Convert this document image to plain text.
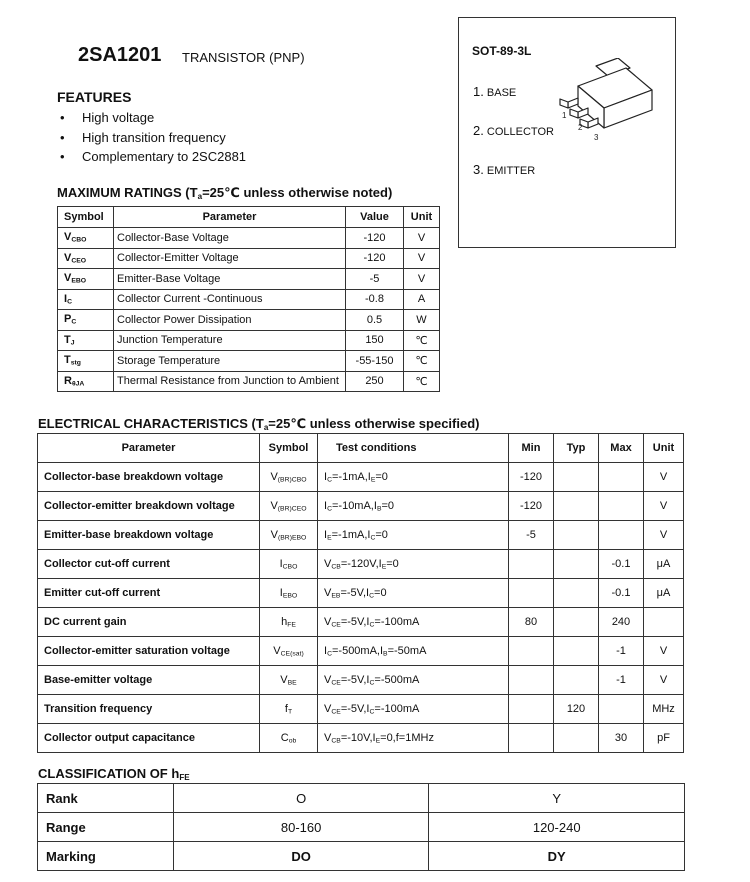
2SA1201 TRANSISTOR (PNP)
FEATURES
• High voltage
• High transition frequency
• Complementary to 2SC2881
SOT-89-3L
1. BASE
2. COLLECTOR
3. EMITTER
1
2
3
MAXIMUM RATINGS ($T_a=25℃$ unless otherwise noted)
Symbol	Parameter	Value	Unit
$V_{CBO}$	Collector-Base Voltage	-120	V
$V_{CEO}$	Collector-Emitter Voltage	-120	V
$V_{EBO}$	Emitter-Base Voltage	-5	V
$I_C$	Collector Current -Continuous	-0.8	A
$P_C$	Collector Power Dissipation	0.5	W
$T_J$	Junction Temperature	150	℃
$T_{stg}$	Storage Temperature	-55-150	℃
$R_{\theta JA}$	Thermal Resistance from Junction to Ambient	250	℃
ELECTRICAL CHARACTERISTICS ($T_a=25℃$ unless otherwise specified)
Parameter	Symbol	Test conditions	Min	Typ	Max	Unit
Collector-base breakdown voltage	$V_{(BR)CBO}$	$I_C=-1mA,I_E=0$	-120			V
Collector-emitter breakdown voltage	$V_{(BR)CEO}$	$I_C=-10mA,I_B=0$	-120			V
Emitter-base breakdown voltage	$V_{(BR)EBO}$	$I_E=-1mA,I_C=0$	-5			V
Collector cut-off current	$I_{CBO}$	$V_{CB}=-120V,I_E=0$			-0.1	μA
Emitter cut-off current	$I_{EBO}$	$V_{EB}=-5V,I_C=0$			-0.1	μA
DC current gain	$h_{FE}$	$V_{CE}=-5V,I_C=-100mA$	80		240	
Collector-emitter saturation voltage	$V_{CE(sat)}$	$I_C=-500mA,I_B=-50mA$			-1	V
Base-emitter voltage	$V_{BE}$	$V_{CE}=-5V,I_C=-500mA$			-1	V
Transition frequency	$f_T$	$V_{CE}=-5V,I_C=-100mA$		120		MHz
Collector output capacitance	$C_{ob}$	$V_{CB}=-10V,I_E=0,f=1MHz$			30	pF
CLASSIFICATION OF $h_{FE}$
Rank	O	Y
Range	80-160	120-240
Marking	DO	DY
